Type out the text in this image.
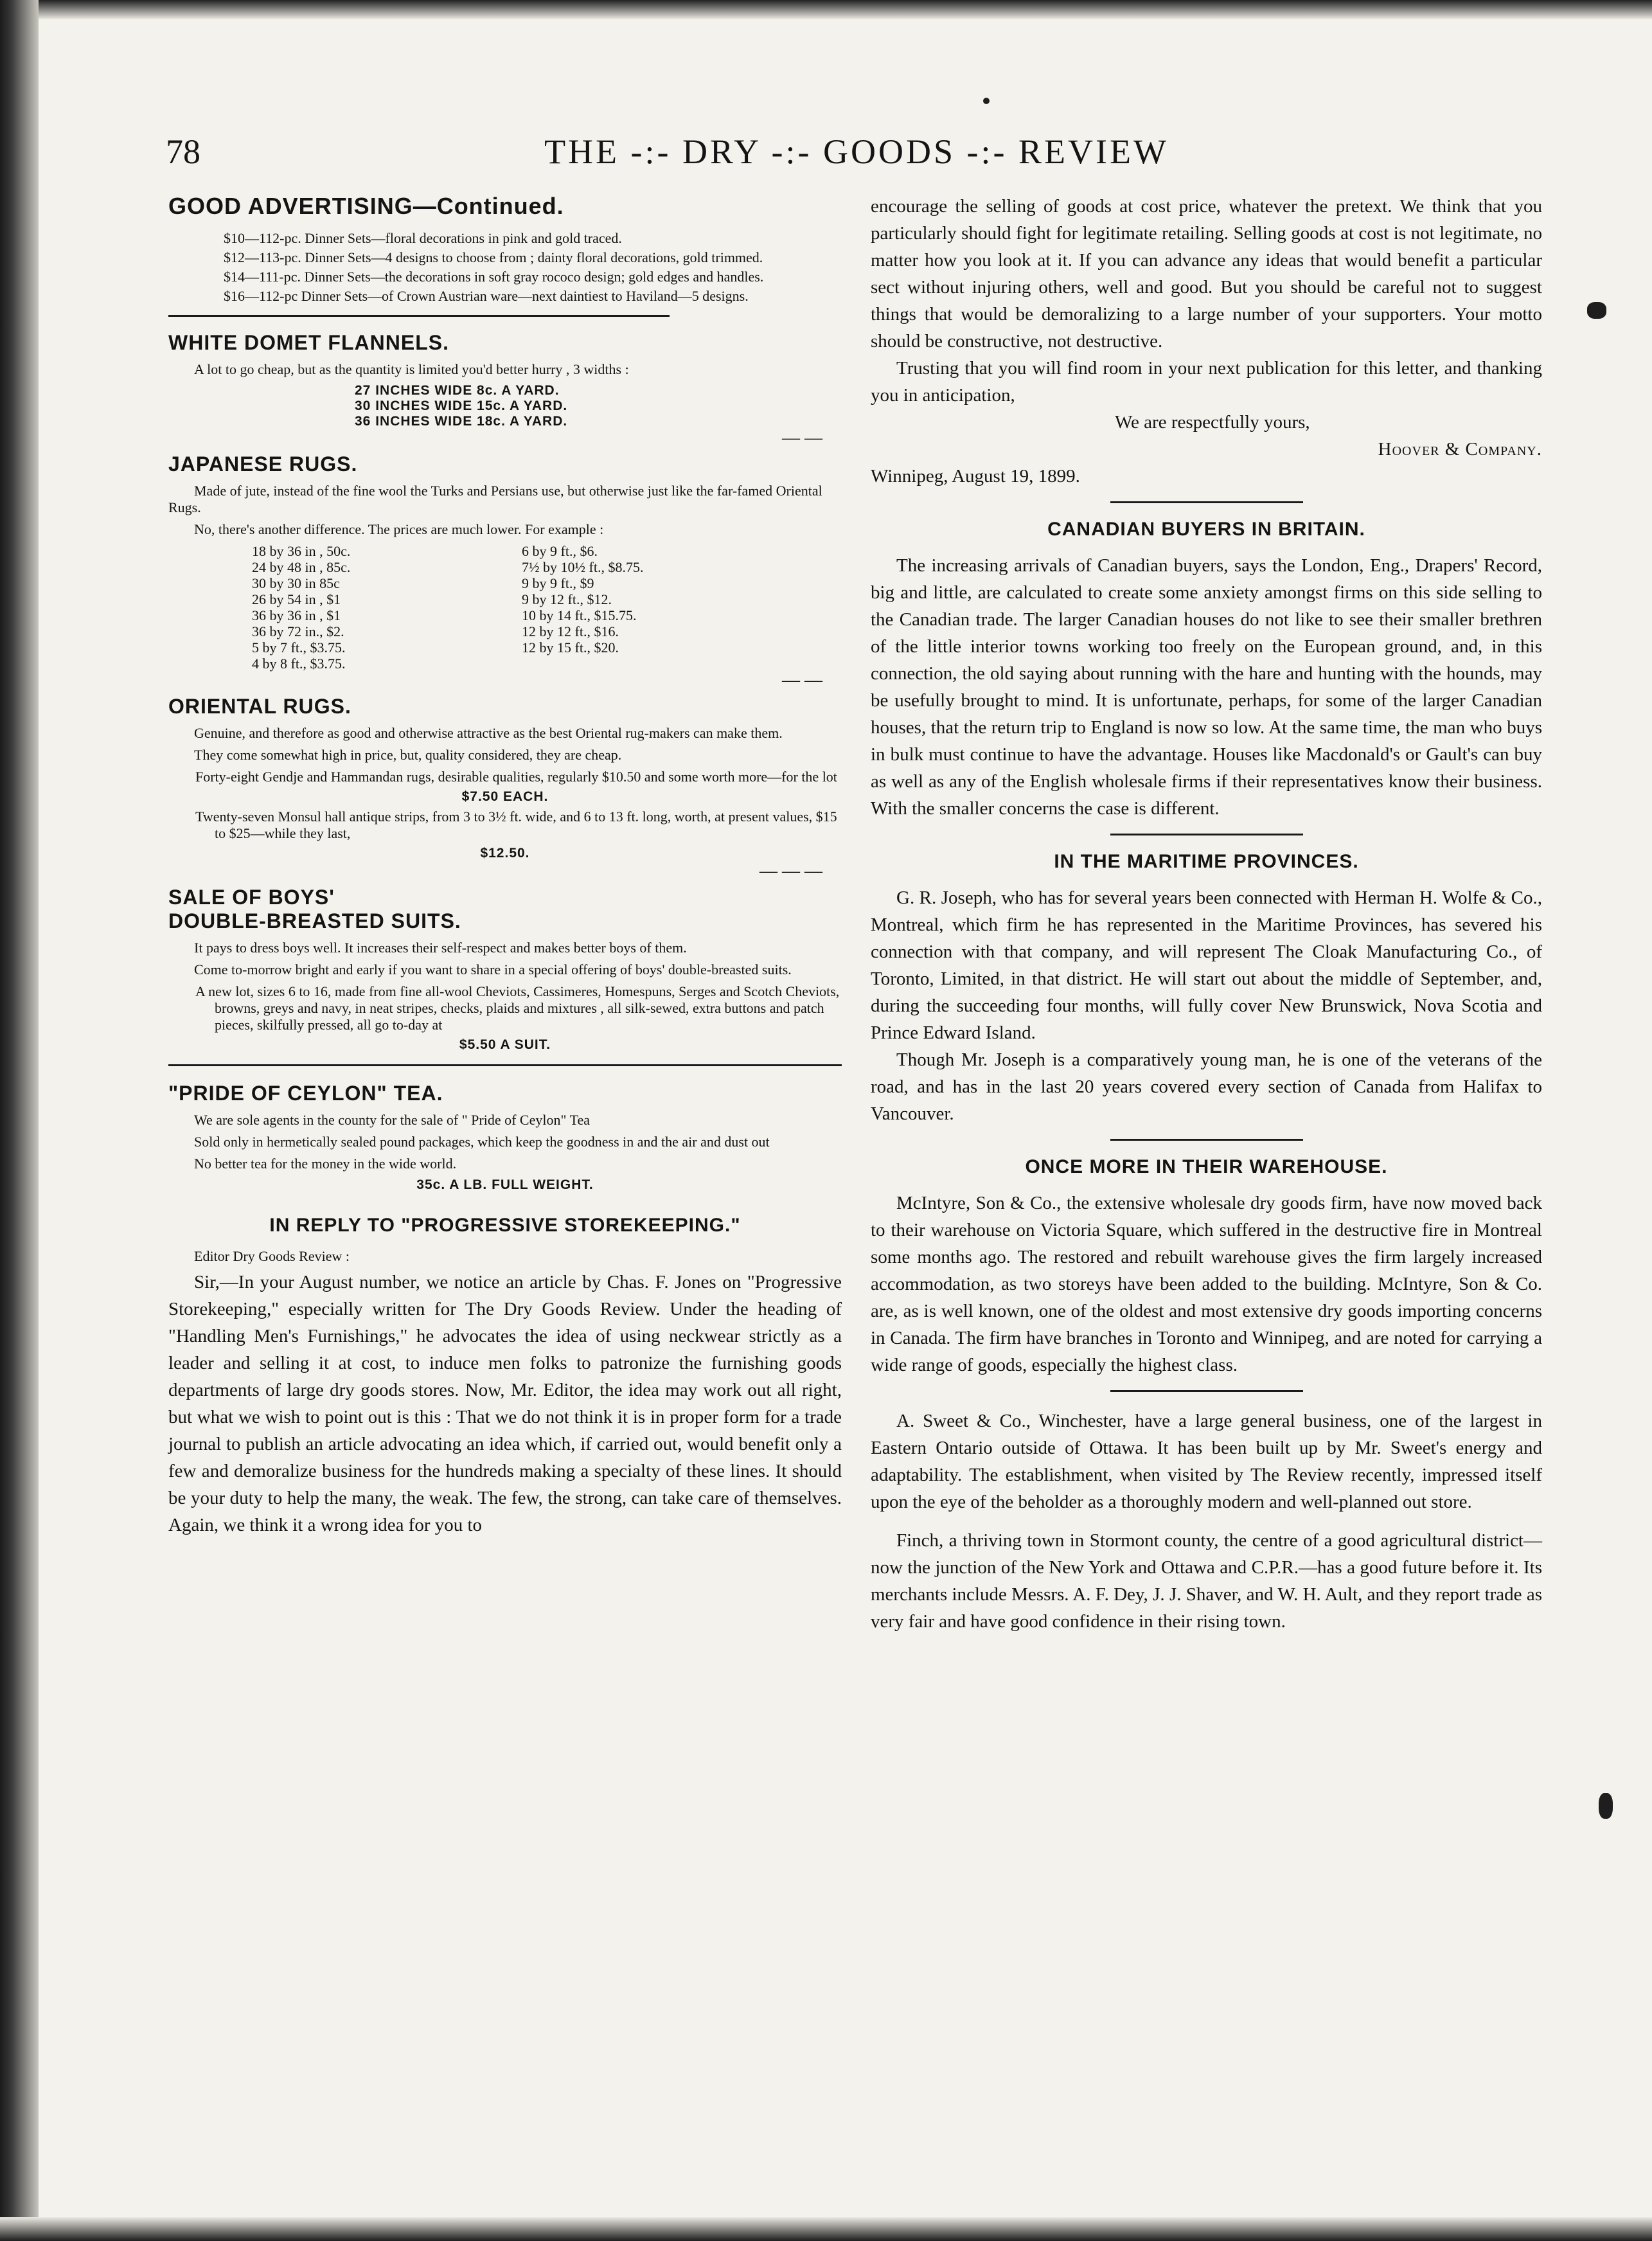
78	THE -:- DRY -:- GOODS -:- REVIEW
GOOD ADVERTISING—Continued.
$10—112-pc. Dinner Sets—floral decorations in pink and gold traced.
$12—113-pc. Dinner Sets—4 designs to choose from ; dainty floral decorations, gold trimmed.
$14—111-pc. Dinner Sets—the decorations in soft gray rococo design; gold edges and handles.
$16—112-pc Dinner Sets—of Crown Austrian ware—next daintiest to Haviland—5 designs.
WHITE DOMET FLANNELS.

A lot to go cheap, but as the quantity is limited you'd better hurry , 3 widths :

27 INCHES WIDE 8c. A YARD.
30 INCHES WIDE 15c. A YARD.
36 INCHES WIDE 18c. A YARD.
— —
JAPANESE RUGS.

Made of jute, instead of the fine wool the Turks and Persians use, but otherwise just like the far-famed Oriental Rugs.

No, there's another difference. The prices are much lower. For example :

18 by 36 in , 50c.
24 by 48 in , 85c.
30 by 30 in 85c
26 by 54 in , $1
36 by 36 in , $1
36 by 72 in., $2.
5 by 7 ft., $3.75.
4 by 8 ft., $3.75.
6 by 9 ft., $6.
7½ by 10½ ft., $8.75.
9 by 9 ft., $9
9 by 12 ft., $12.
10 by 14 ft., $15.75.
12 by 12 ft., $16.
12 by 15 ft., $20.
— —
ORIENTAL RUGS.

Genuine, and therefore as good and otherwise attractive as the best Oriental rug-makers can make them.

They come somewhat high in price, but, quality considered, they are cheap.

Forty-eight Gendje and Hammandan rugs, desirable qualities, regularly $10.50 and some worth more—for the lot

$7.50 EACH.

Twenty-seven Monsul hall antique strips, from 3 to 3½ ft. wide, and 6 to 13 ft. long, worth, at present values, $15 to $25—while they last,

$12.50.
— — —
SALE OF BOYS'
DOUBLE-BREASTED SUITS.

It pays to dress boys well. It increases their self-respect and makes better boys of them.

Come to-morrow bright and early if you want to share in a special offering of boys' double-breasted suits.

A new lot, sizes 6 to 16, made from fine all-wool Cheviots, Cassimeres, Homespuns, Serges and Scotch Cheviots, browns, greys and navy, in neat stripes, checks, plaids and mixtures , all silk-sewed, extra buttons and patch pieces, skilfully pressed, all go to-day at

$5.50 A SUIT.
"PRIDE OF CEYLON" TEA.

We are sole agents in the county for the sale of " Pride of Ceylon" Tea

Sold only in hermetically sealed pound packages, which keep the goodness in and the air and dust out

No better tea for the money in the wide world.

35c. A LB. FULL WEIGHT.
IN REPLY TO "PROGRESSIVE STOREKEEPING."
Editor Dry Goods Review :

Sir,—In your August number, we notice an article by Chas. F. Jones on "Progressive Storekeeping," especially written for The Dry Goods Review. Under the heading of "Handling Men's Furnishings," he advocates the idea of using neckwear strictly as a leader and selling it at cost, to induce men folks to patronize the furnishing goods departments of large dry goods stores. Now, Mr. Editor, the idea may work out all right, but what we wish to point out is this : That we do not think it is in proper form for a trade journal to publish an article advocating an idea which, if carried out, would benefit only a few and demoralize business for the hundreds making a specialty of these lines. It should be your duty to help the many, the weak. The few, the strong, can take care of themselves. Again, we think it a wrong idea for you to

encourage the selling of goods at cost price, whatever the pretext. We think that you particularly should fight for legitimate retailing. Selling goods at cost is not legitimate, no matter how you look at it. If you can advance any ideas that would benefit a particular sect without injuring others, well and good. But you should be careful not to suggest things that would be demoralizing to a large number of your supporters. Your motto should be constructive, not destructive.

Trusting that you will find room in your next publication for this letter, and thanking you in anticipation,

We are respectfully yours,
Hoover & Company.
Winnipeg, August 19, 1899.
CANADIAN BUYERS IN BRITAIN.

The increasing arrivals of Canadian buyers, says the London, Eng., Drapers' Record, big and little, are calculated to create some anxiety amongst firms on this side selling to the Canadian trade. The larger Canadian houses do not like to see their smaller brethren of the little interior towns working too freely on the European ground, and, in this connection, the old saying about running with the hare and hunting with the hounds, may be usefully brought to mind. It is unfortunate, perhaps, for some of the larger Canadian houses, that the return trip to England is now so low. At the same time, the man who buys in bulk must continue to have the advantage. Houses like Macdonald's or Gault's can buy as well as any of the English wholesale firms if their representatives know their business. With the smaller concerns the case is different.

IN THE MARITIME PROVINCES.

G. R. Joseph, who has for several years been connected with Herman H. Wolfe & Co., Montreal, which firm he has represented in the Maritime Provinces, has severed his connection with that company, and will represent The Cloak Manufacturing Co., of Toronto, Limited, in that district. He will start out about the middle of September, and, during the succeeding four months, will fully cover New Brunswick, Nova Scotia and Prince Edward Island.

Though Mr. Joseph is a comparatively young man, he is one of the veterans of the road, and has in the last 20 years covered every section of Canada from Halifax to Vancouver.

ONCE MORE IN THEIR WAREHOUSE.

McIntyre, Son & Co., the extensive wholesale dry goods firm, have now moved back to their warehouse on Victoria Square, which suffered in the destructive fire in Montreal some months ago. The restored and rebuilt warehouse gives the firm largely increased accommodation, as two storeys have been added to the building. McIntyre, Son & Co. are, as is well known, one of the oldest and most extensive dry goods importing concerns in Canada. The firm have branches in Toronto and Winnipeg, and are noted for carrying a wide range of goods, especially the highest class.

A. Sweet & Co., Winchester, have a large general business, one of the largest in Eastern Ontario outside of Ottawa. It has been built up by Mr. Sweet's energy and adaptability. The establishment, when visited by The Review recently, impressed itself upon the eye of the beholder as a thoroughly modern and well-planned out store.

Finch, a thriving town in Stormont county, the centre of a good agricultural district—now the junction of the New York and Ottawa and C.P.R.—has a good future before it. Its merchants include Messrs. A. F. Dey, J. J. Shaver, and W. H. Ault, and they report trade as very fair and have good confidence in their rising town.
